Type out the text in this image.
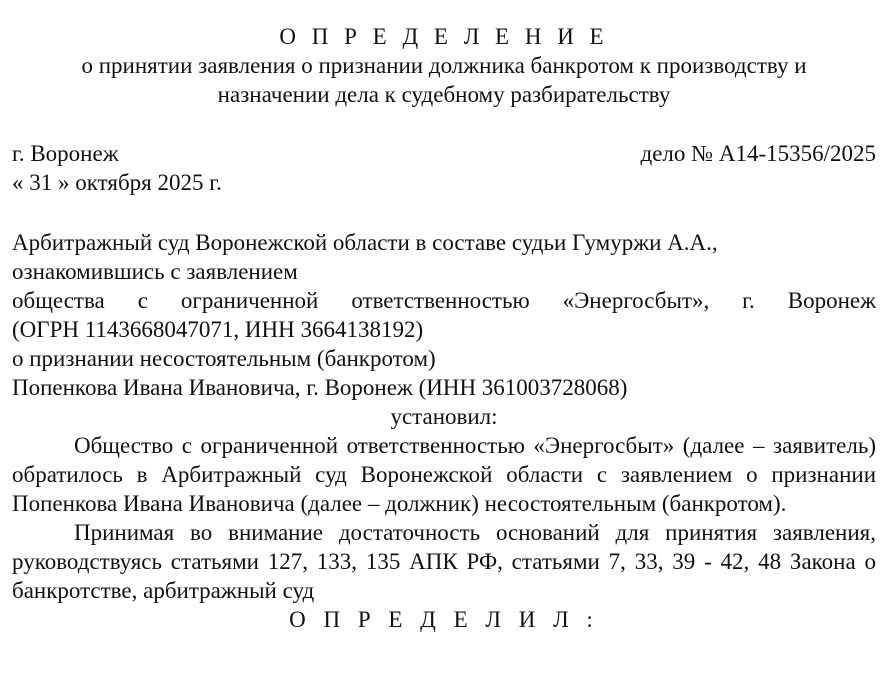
О П Р Е Д Е Л Е Н И Е
о принятии заявления о признании должника банкротом к производству и
назначении дела к судебному разбирательству
г. Воронеж	дело № А14-15356/2025
« 31 » октября 2025 г.
Арбитражный суд Воронежской области в составе судьи Гумуржи А.А.,
ознакомившись с заявлением
общества с ограниченной ответственностью «Энергосбыт», г. Воронеж
(ОГРН 1143668047071, ИНН 3664138192)
о признании несостоятельным (банкротом)
Попенкова Ивана Ивановича, г. Воронеж (ИНН 361003728068)
установил:
Общество с ограниченной ответственностью «Энергосбыт» (далее – заявитель) обратилось в Арбитражный суд Воронежской области с заявлением о признании Попенкова Ивана Ивановича (далее – должник) несостоятельным (банкротом).
Принимая во внимание достаточность оснований для принятия заявления, руководствуясь статьями 127, 133, 135 АПК РФ, статьями 7, 33, 39 - 42, 48 Закона о банкротстве, арбитражный суд
О П Р Е Д Е Л И Л :
